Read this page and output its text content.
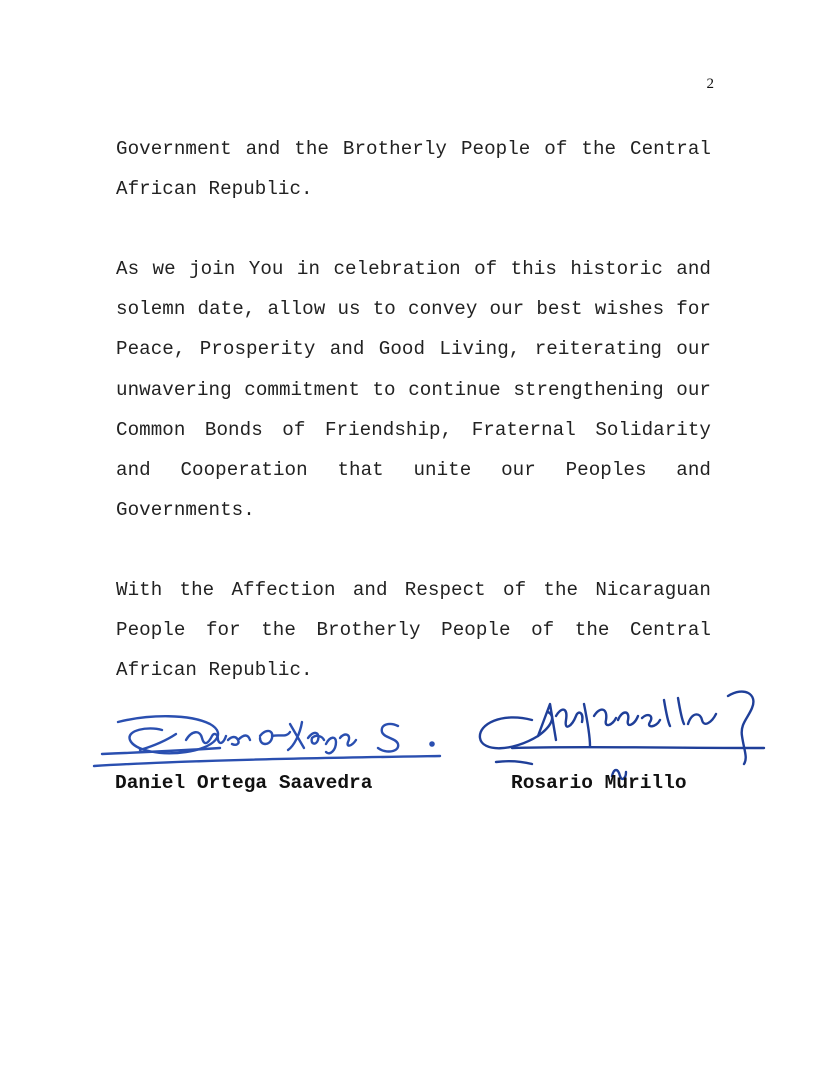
2

Government and the Brotherly People of the Central African Republic.

As we join You in celebration of this historic and solemn date, allow us to convey our best wishes for Peace, Prosperity and Good Living, reiterating our unwavering commitment to continue strengthening our Common Bonds of Friendship, Fraternal Solidarity and Cooperation that unite our Peoples and Governments.

With the Affection and Respect of the Nicaraguan People for the Brotherly People of the Central African Republic.

Daniel Ortega Saavedra	Rosario Murillo
